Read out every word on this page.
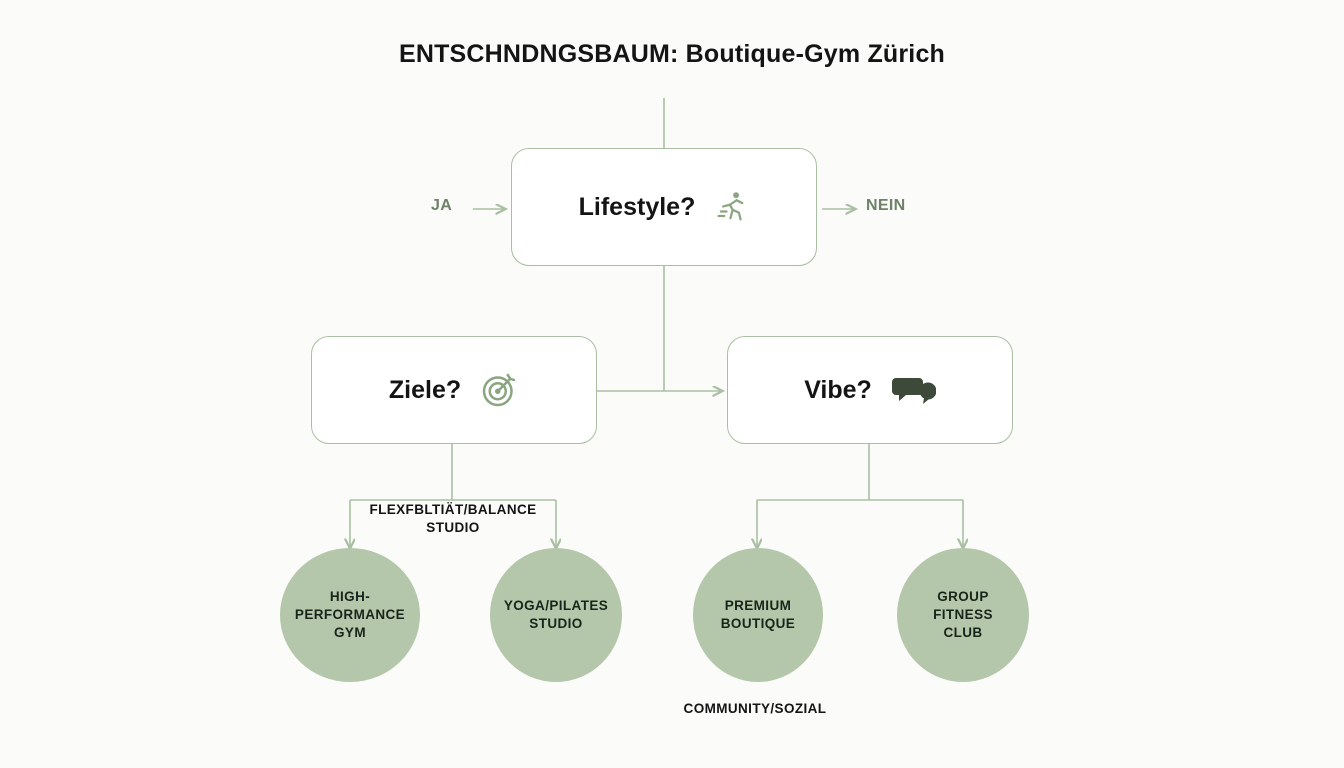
ENTSCHNDNGSBAUM: Boutique-Gym Zürich
JA	NEIN
Lifestyle?
Ziele?	Vibe?
FLEXFBLTIÄT/BALANCE
STUDIO
COMMUNITY/SOZIAL
HIGH-PERFORMANCE
GYM
YOGA/PILATES
STUDIO
PREMIUM
BOUTIQUE
GROUP FITNESS
CLUB
